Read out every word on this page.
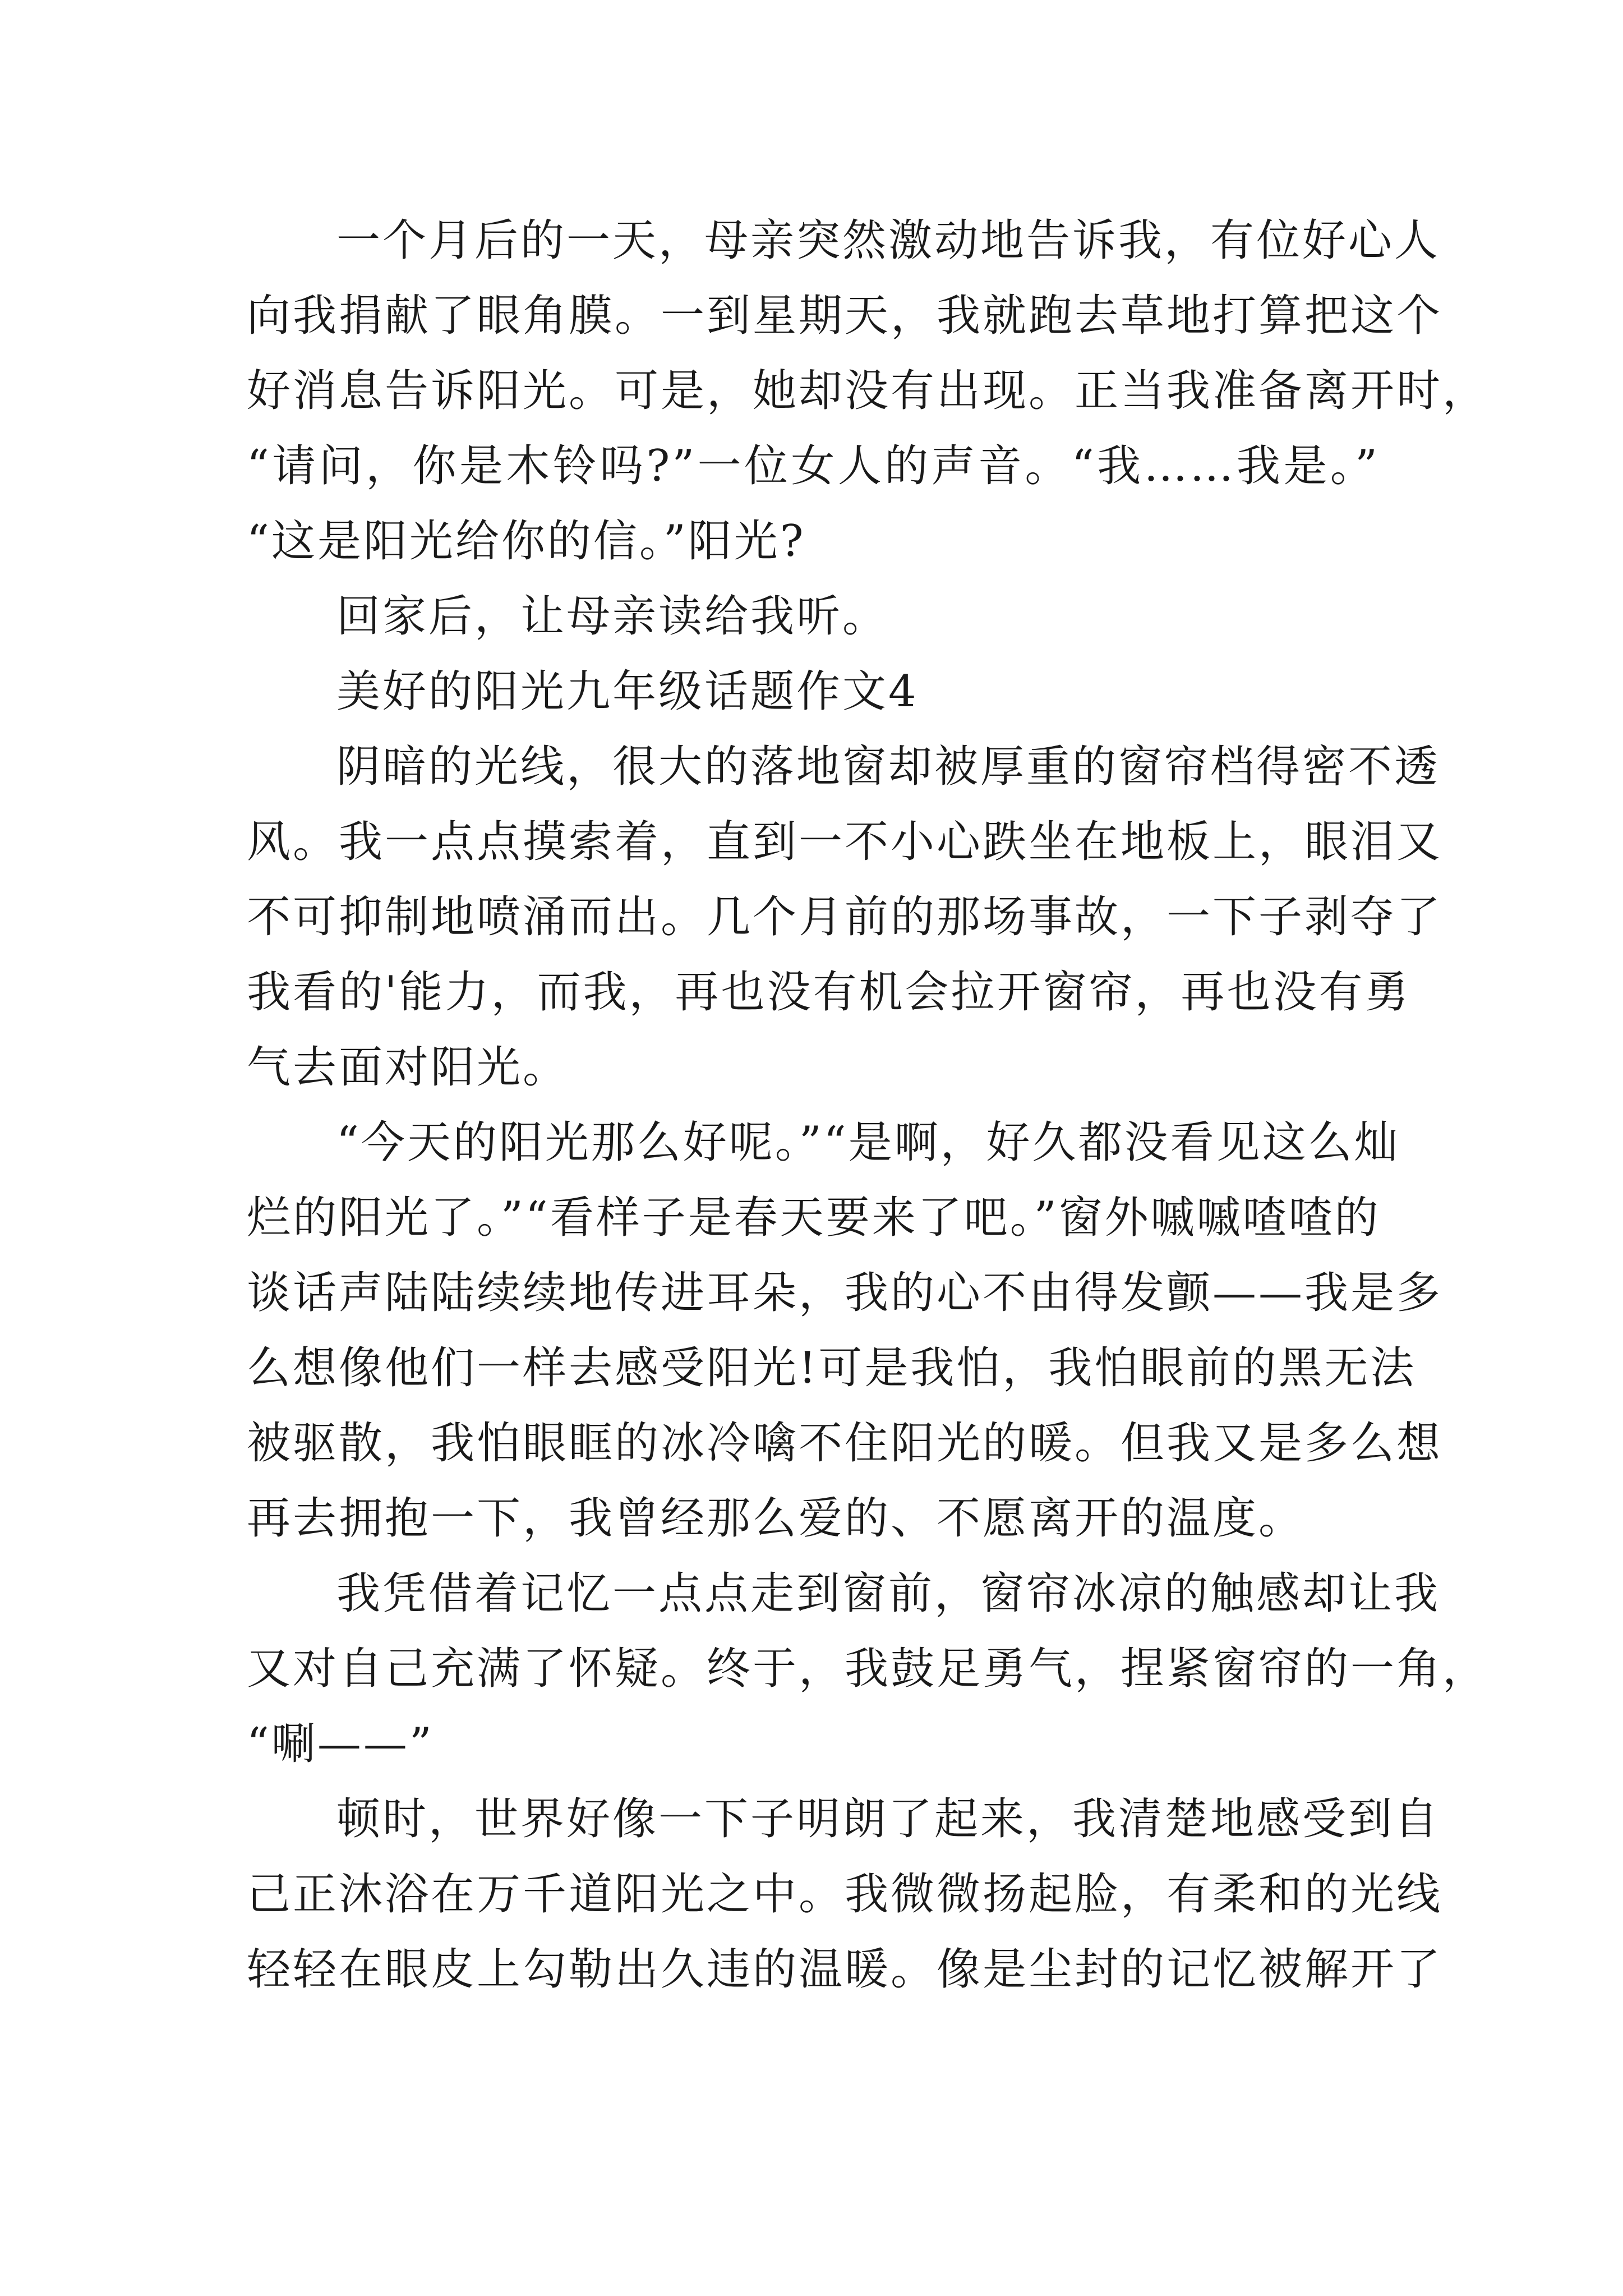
一个月后的一天，母亲突然激动地告诉我，有位好心人
向我捐献了眼角膜。一到星期天，我就跑去草地打算把这个
好消息告诉阳光。可是，她却没有出现。正当我准备离开时，
“请问，你是木铃吗?”一位女人的声音。“我……我是。”
“这是阳光给你的信。”阳光?
回家后，让母亲读给我听。
美好的阳光九年级话题作文4
阴暗的光线，很大的落地窗却被厚重的窗帘档得密不透
风。我一点点摸索着，直到一不小心跌坐在地板上，眼泪又
不可抑制地喷涌而出。几个月前的那场事故，一下子剥夺了
我看的'能力，而我，再也没有机会拉开窗帘，再也没有勇
气去面对阳光。
“今天的阳光那么好呢。”“是啊，好久都没看见这么灿
烂的阳光了。”“看样子是春天要来了吧。”窗外嘁嘁喳喳的
谈话声陆陆续续地传进耳朵，我的心不由得发颤——我是多
么想像他们一样去感受阳光!可是我怕，我怕眼前的黑无法
被驱散，我怕眼眶的冰冷噙不住阳光的暖。但我又是多么想
再去拥抱一下，我曾经那么爱的、不愿离开的温度。
我凭借着记忆一点点走到窗前，窗帘冰凉的触感却让我
又对自己充满了怀疑。终于，我鼓足勇气，捏紧窗帘的一角，
“唰——”
顿时，世界好像一下子明朗了起来，我清楚地感受到自
己正沐浴在万千道阳光之中。我微微扬起脸，有柔和的光线
轻轻在眼皮上勾勒出久违的温暖。像是尘封的记忆被解开了
